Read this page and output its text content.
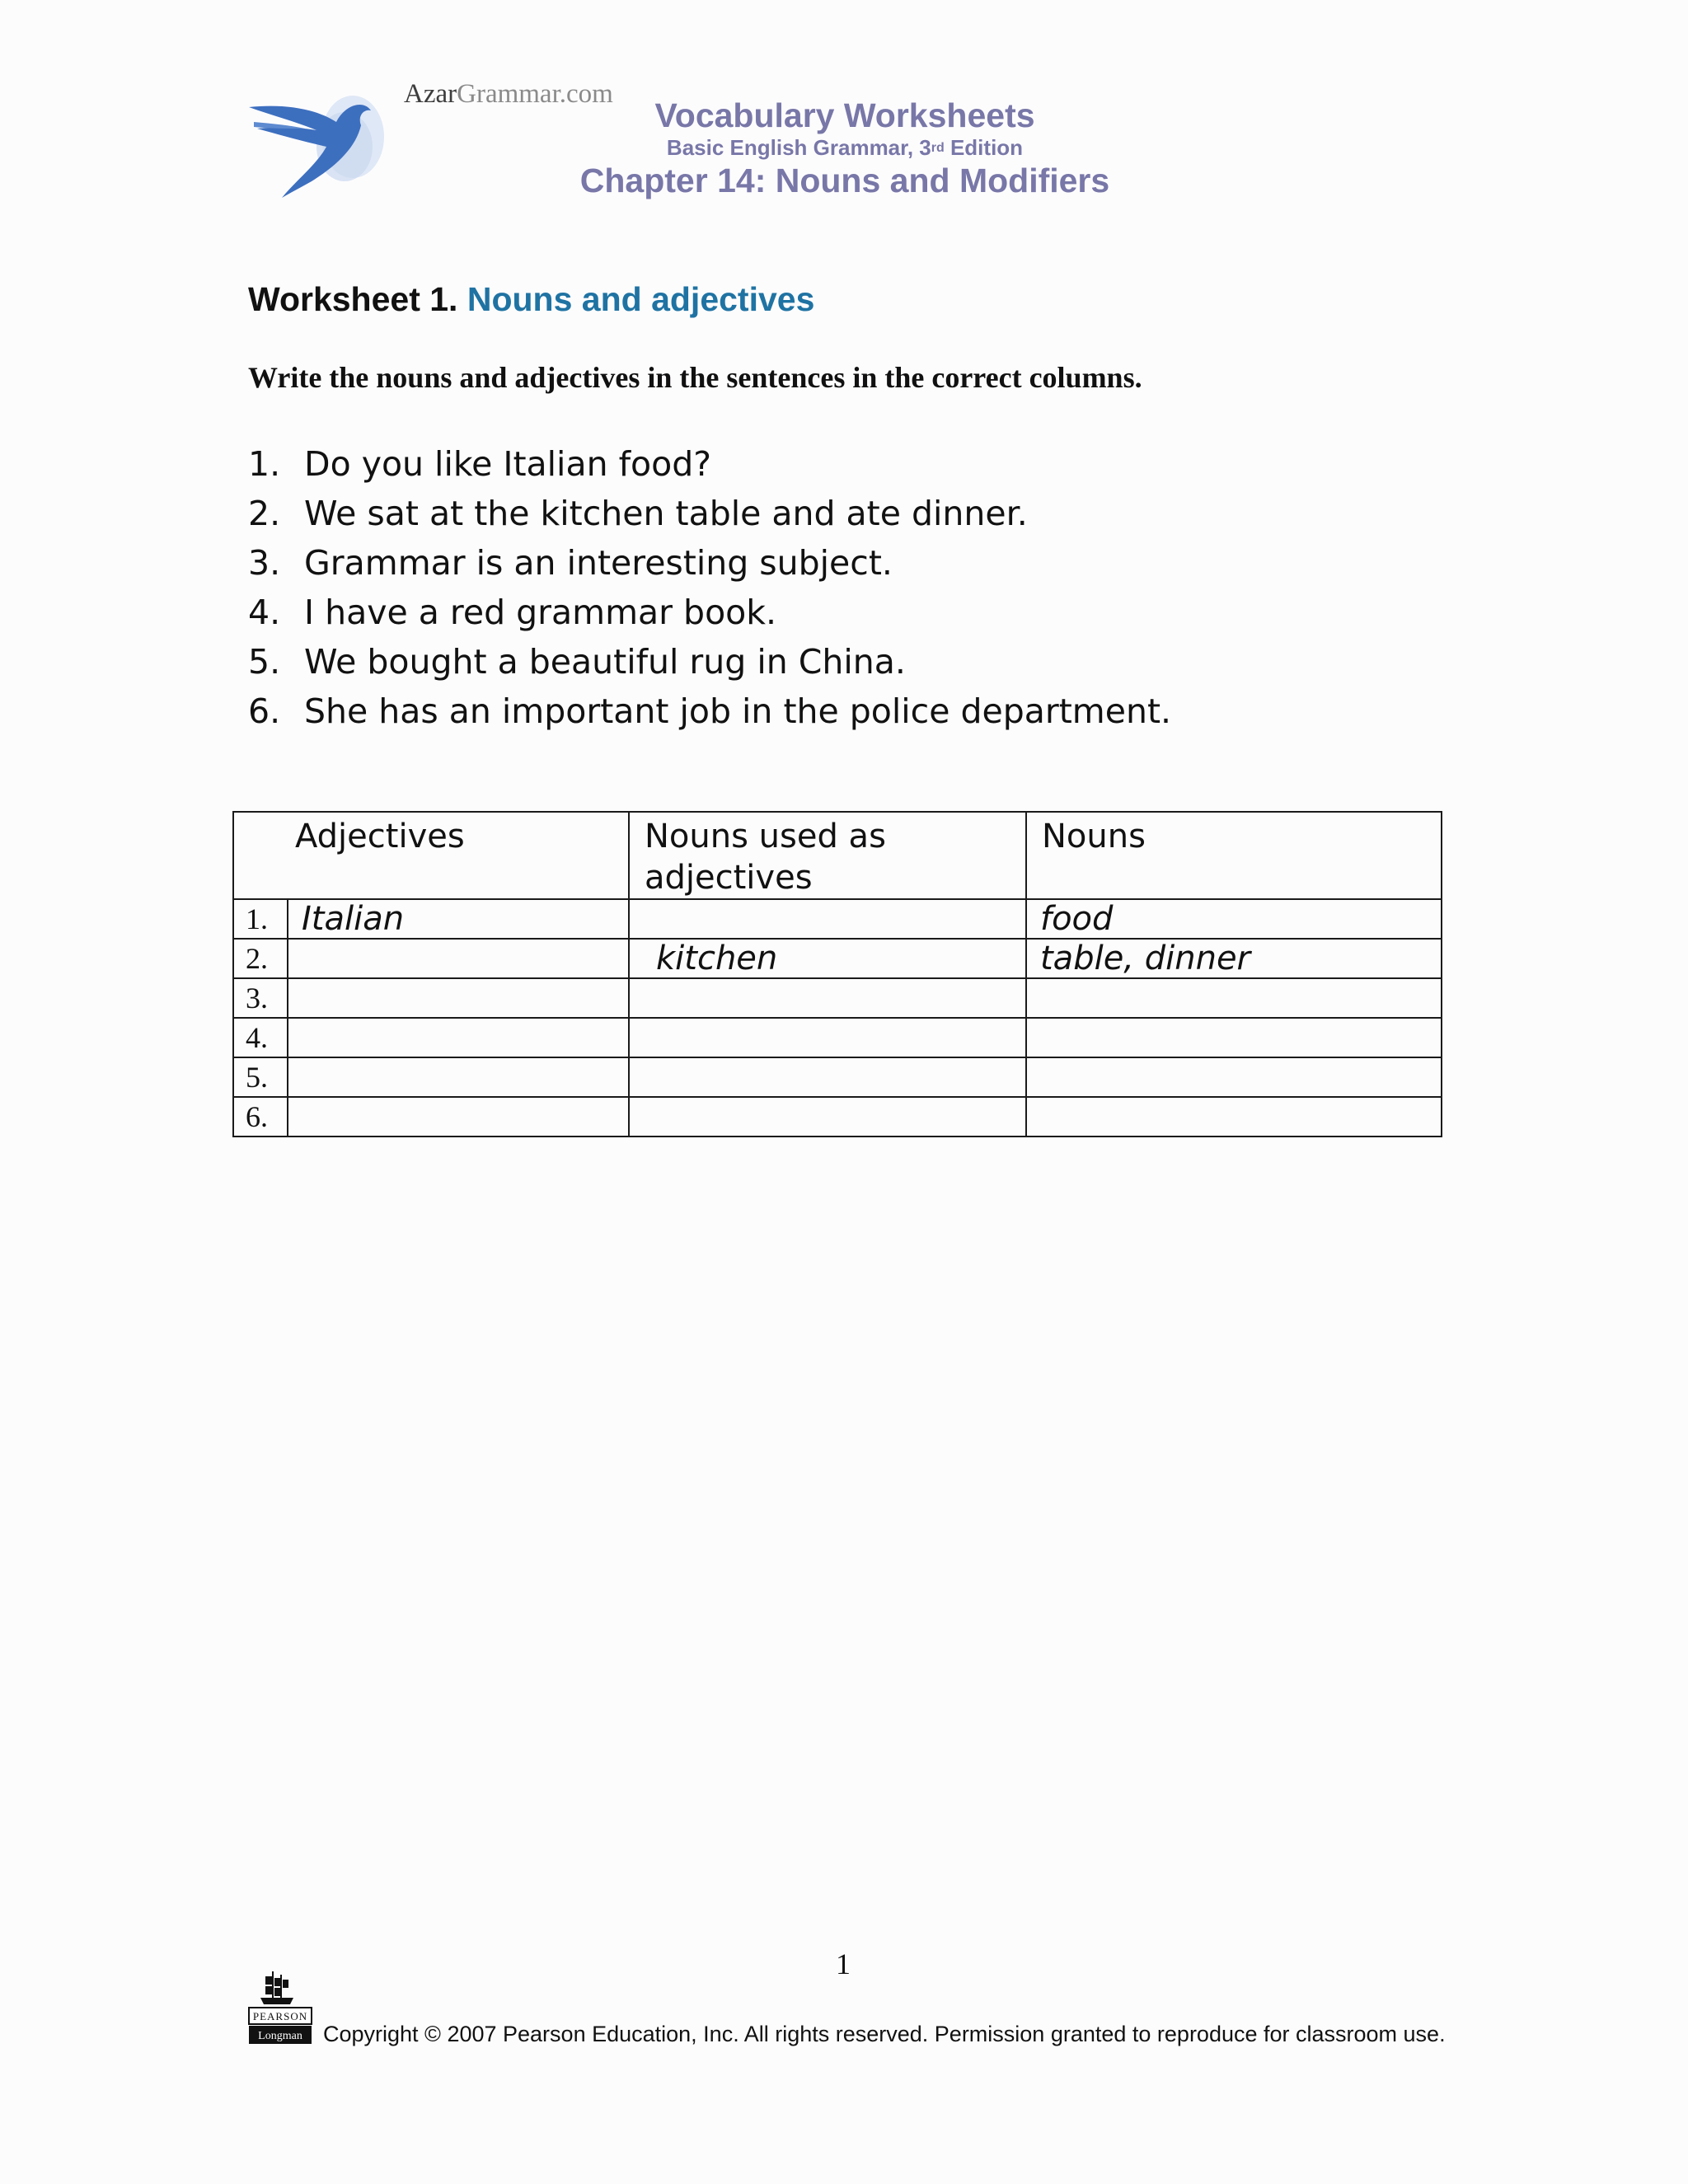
AzarGrammar.com
Vocabulary Worksheets
Basic English Grammar, 3rd Edition
Chapter 14: Nouns and Modifiers
Worksheet 1. Nouns and adjectives
Write the nouns and adjectives in the sentences in the correct columns.
1. Do you like Italian food?
2. We sat at the kitchen table and ate dinner.
3. Grammar is an interesting subject.
4. I have a red grammar book.
5. We bought a beautiful rug in China.
6. She has an important job in the police department.
Adjectives		Nouns used as adjectives	Nouns
1.	Italian		food
2.		kitchen	table, dinner
3.			
4.			
5.			
6.			
1
PEARSON
Longman Copyright © 2007 Pearson Education, Inc. All rights reserved. Permission granted to reproduce for classroom use.
